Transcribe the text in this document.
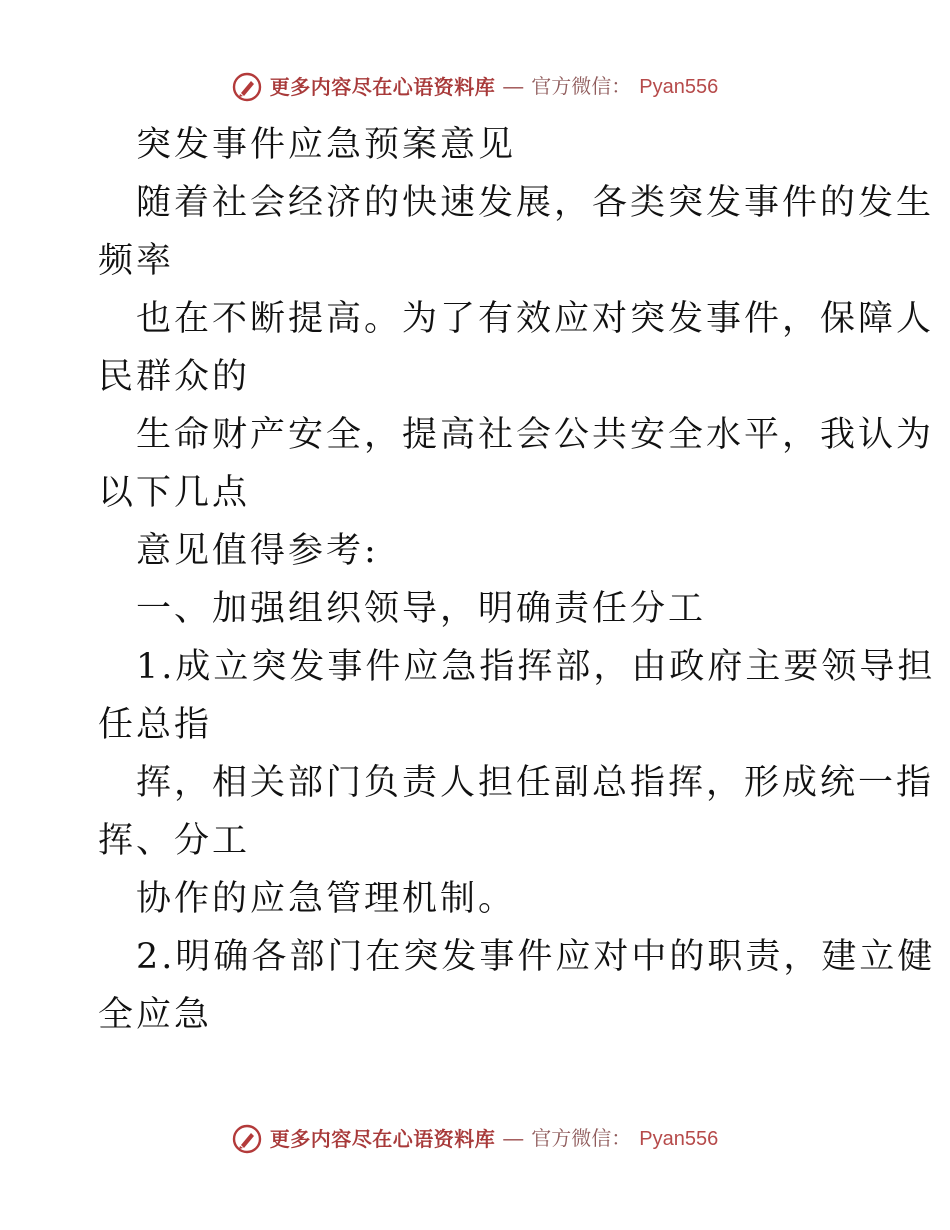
更多内容尽在心语资料库 — 官方微信： Pyan556
突发事件应急预案意见
随着社会经济的快速发展，各类突发事件的发生
频率
也在不断提高。为了有效应对突发事件，保障人
民群众的
生命财产安全，提高社会公共安全水平，我认为
以下几点
意见值得参考:
一、加强组织领导，明确责任分工
1.成立突发事件应急指挥部，由政府主要领导担
任总指
挥，相关部门负责人担任副总指挥，形成统一指
挥、分工
协作的应急管理机制。
2.明确各部门在突发事件应对中的职责，建立健
全应急
更多内容尽在心语资料库 — 官方微信： Pyan556
